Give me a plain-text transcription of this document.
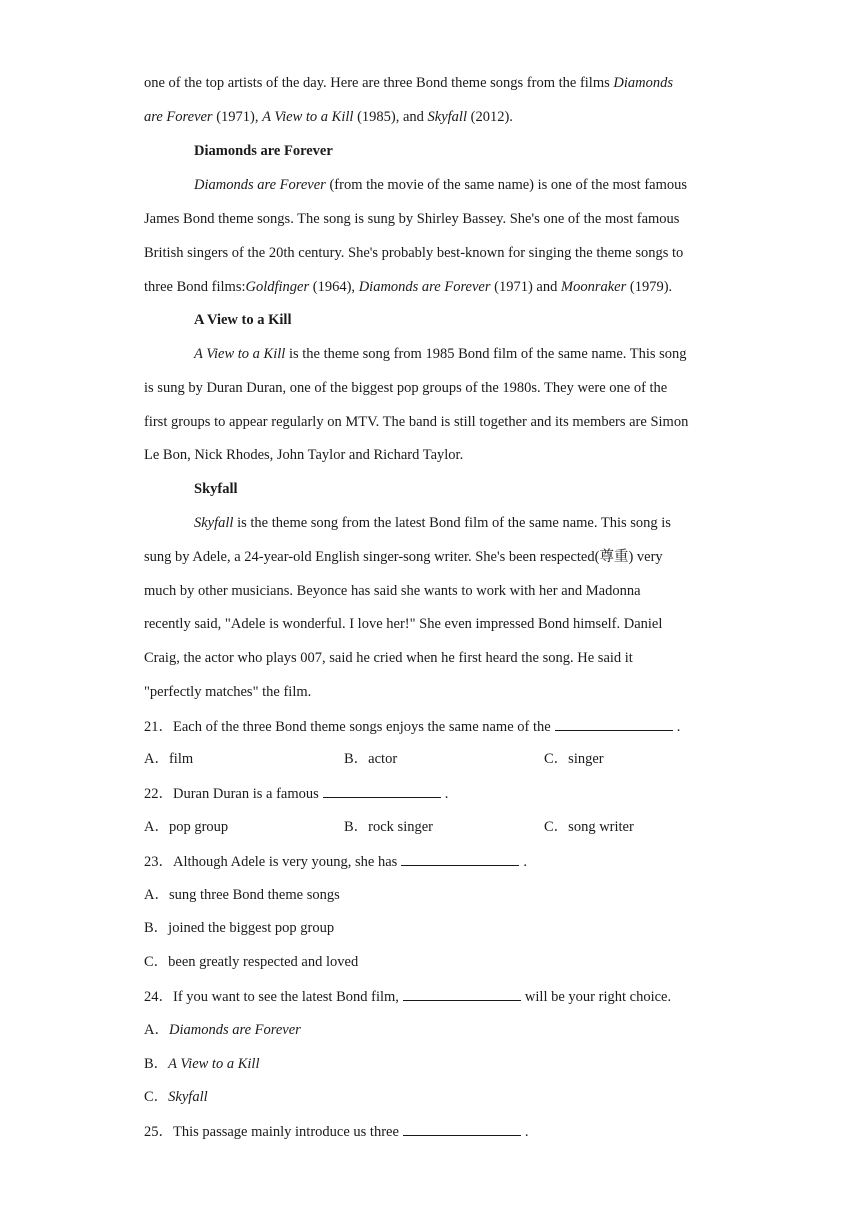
one of the top artists of the day. Here are three Bond theme songs from the films Diamonds
are Forever (1971), A View to a Kill (1985), and Skyfall (2012).
Diamonds are Forever
Diamonds are Forever (from the movie of the same name) is one of the most famous
James Bond theme songs. The song is sung by Shirley Bassey. She's one of the most famous
British singers of the 20th century. She's probably best-known for singing the theme songs to
three Bond films:Goldfinger (1964), Diamonds are Forever (1971) and Moonraker (1979).
A View to a Kill
A View to a Kill is the theme song from 1985 Bond film of the same name. This song
is sung by Duran Duran, one of the biggest pop groups of the 1980s. They were one of the
first groups to appear regularly on MTV. The band is still together and its members are Simon
Le Bon, Nick Rhodes, John Taylor and Richard Taylor.
Skyfall
Skyfall is the theme song from the latest Bond film of the same name. This song is
sung by Adele, a 24-year-old English singer-song writer. She's been respected(尊重) very
much by other musicians. Beyonce has said she wants to work with her and Madonna
recently said, "Adele is wonderful. I love her!" She even impressed Bond himself. Daniel
Craig, the actor who plays 007, said he cried when he first heard the song. He said it
"perfectly matches" the film.
21．Each of the three Bond theme songs enjoys the same name of the	.
A．film	B．actor	C．singer
22．Duran Duran is a famous	.
A．pop group	B．rock singer	C．song writer
23．Although Adele is very young, she has	.
A．sung three Bond theme songs
B．joined the biggest pop group
C．been greatly respected and loved
24．If you want to see the latest Bond film,	will be your right choice.
A．Diamonds are Forever
B．A View to a Kill
C．Skyfall
25．This passage mainly introduce us three	.
